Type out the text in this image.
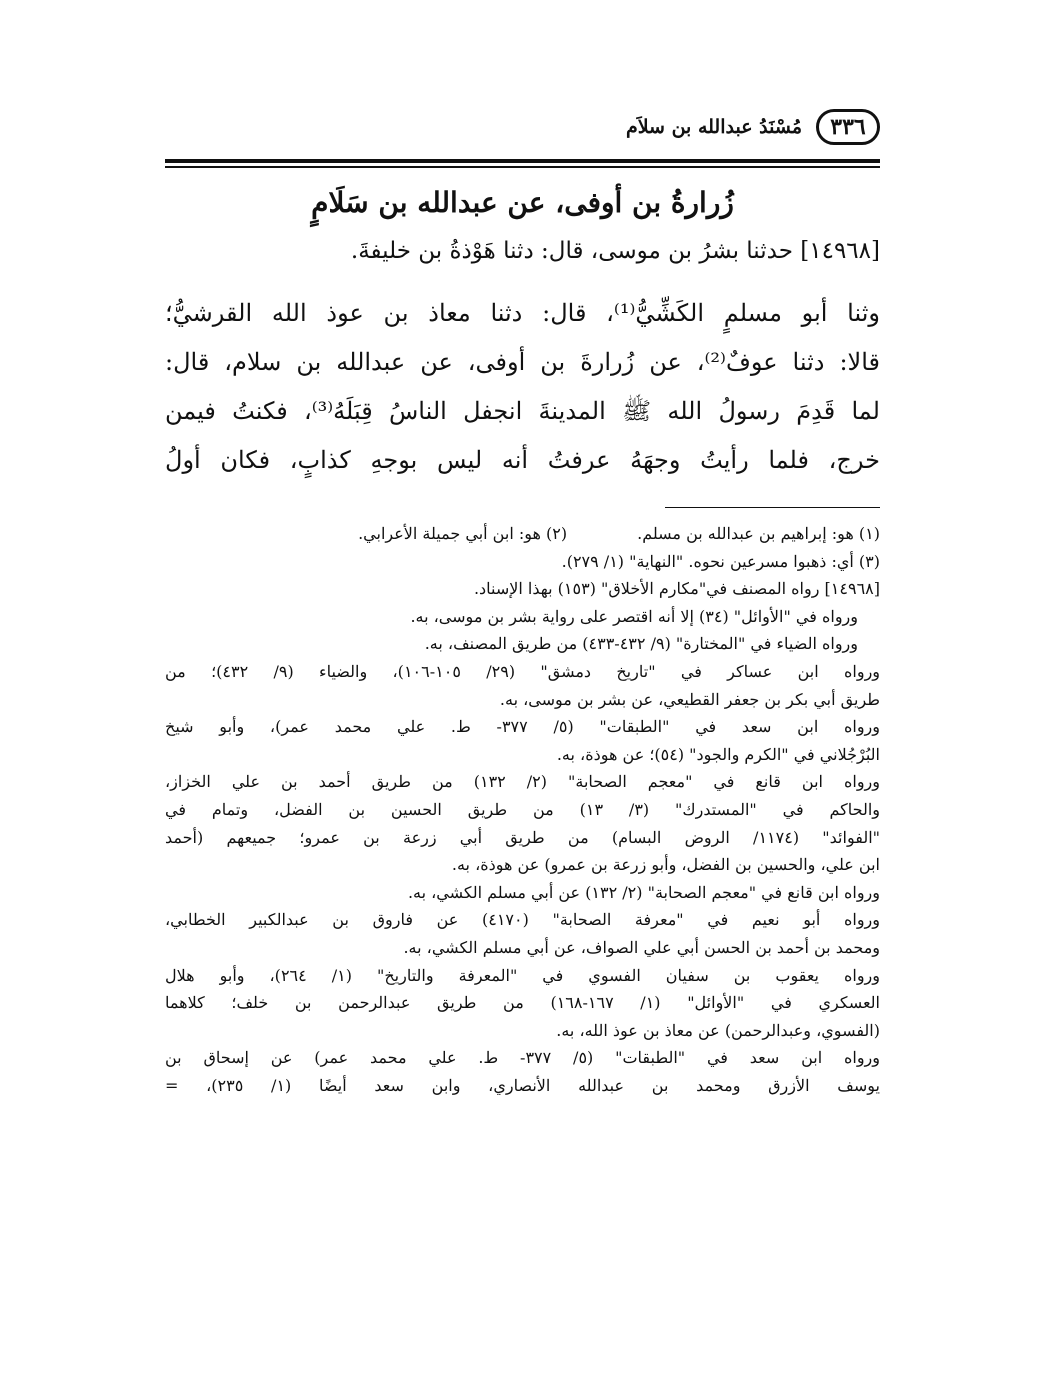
٣٣٦
مُسْنَدُ عبدالله بن سلاَم
زُرارةُ بن أوفى، عن عبدالله بن سَلَامٍ
[١٤٩٦٨] حدثنا بشرُ بن موسى، قال: دثنا هَوْذةُ بن خليفةَ.
وثنا أبو مسلمٍ الكَشِّيُّ⁽¹⁾، قال: دثنا معاذ بن عوذ الله القرشيُّ؛
قالا: دثنا عوفٌ⁽²⁾، عن زُرارةَ بن أوفى، عن عبدالله بن سلام، قال:
لما قَدِمَ رسولُ الله ﷺ المدينةَ انجفل الناسُ قِبَلَهُ⁽³⁾، فكنتُ فيمن
خرج، فلما رأيتُ وجهَهُ عرفتُ أنه ليس بوجهِ كذابٍ، فكان أولُ
(١) هو: إبراهيم بن عبدالله بن مسلم.
(٢) هو: ابن أبي جميلة الأعرابي.
(٣) أي: ذهبوا مسرعين نحوه. "النهاية" (١/ ٢٧٩).
[١٤٩٦٨] رواه المصنف في"مكارم الأخلاق" (١٥٣) بهذا الإسناد.
ورواه في "الأوائل" (٣٤) إلا أنه اقتصر على رواية بشر بن موسى، به.
ورواه الضياء في "المختارة" (٩/ ٤٣٢-٤٣٣) من طريق المصنف، به.
ورواه ابن عساكر في "تاريخ دمشق" (٢٩/ ١٠٥-١٠٦)، والضياء (٩/ ٤٣٢)؛ من
طريق أبي بكر بن جعفر القطيعي، عن بشر بن موسى، به.
ورواه ابن سعد في "الطبقات" (٥/ ٣٧٧- ط. علي محمد عمر)، وأبو شيخ
البُرْجُلاني في "الكرم والجود" (٥٤)؛ عن هوذة، به.
ورواه ابن قانع في "معجم الصحابة" (٢/ ١٣٢) من طريق أحمد بن علي الخزاز،
والحاكم في "المستدرك" (٣/ ١٣) من طريق الحسين بن الفضل، وتمام في
"الفوائد" (١١٧٤/ الروض البسام) من طريق أبي زرعة بن عمرو؛ جميعهم (أحمد
ابن علي، والحسين بن الفضل، وأبو زرعة بن عمرو) عن هوذة، به.
ورواه ابن قانع في "معجم الصحابة" (٢/ ١٣٢) عن أبي مسلم الكشي، به.
ورواه أبو نعيم في "معرفة الصحابة" (٤١٧٠) عن فاروق بن عبدالكبير الخطابي،
ومحمد بن أحمد بن الحسن أبي علي الصواف، عن أبي مسلم الكشي، به.
ورواه يعقوب بن سفيان الفسوي في "المعرفة والتاريخ" (١/ ٢٦٤)، وأبو هلال
العسكري في "الأوائل" (١/ ١٦٧-١٦٨) من طريق عبدالرحمن بن خلف؛ كلاهما
(الفسوي، وعبدالرحمن) عن معاذ بن عوذ الله، به.
ورواه ابن سعد في "الطبقات" (٥/ ٣٧٧- ط. علي محمد عمر) عن إسحاق بن
يوسف الأزرق ومحمد بن عبدالله الأنصاري، وابن سعد أيضًا (١/ ٢٣٥)، =
